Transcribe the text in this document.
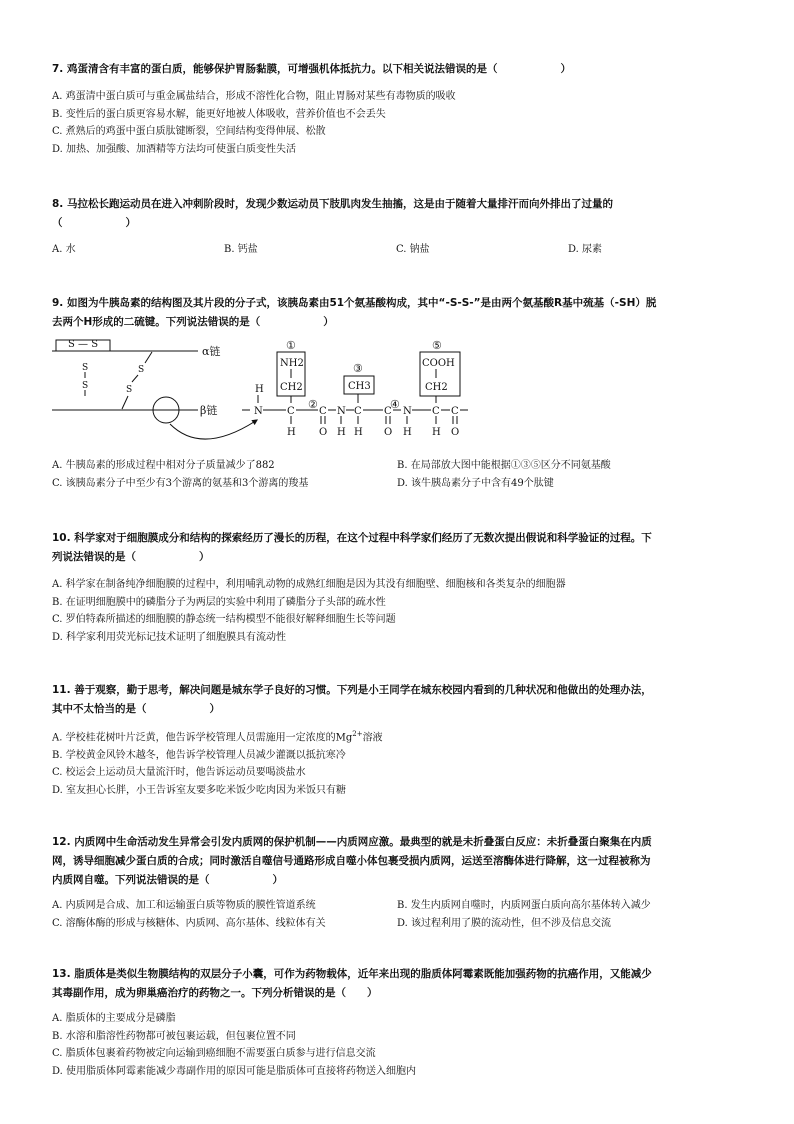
7. 鸡蛋清含有丰富的蛋白质，能够保护胃肠黏膜，可增强机体抵抗力。以下相关说法错误的是（　　　　　　）

A. 鸡蛋清中蛋白质可与重金属盐结合，形成不溶性化合物，阻止胃肠对某些有毒物质的吸收

B. 变性后的蛋白质更容易水解，能更好地被人体吸收，营养价值也不会丢失

C. 煮熟后的鸡蛋中蛋白质肽键断裂，空间结构变得伸展、松散

D. 加热、加强酸、加酒精等方法均可使蛋白质变性失活

8. 马拉松长跑运动员在进入冲刺阶段时，发现少数运动员下肢肌肉发生抽搐，这是由于随着大量排汗而向外排出了过量的

（　　　　　　）

A. 水	B. 钙盐	C. 钠盐	D. 尿素

9. 如图为牛胰岛素的结构图及其片段的分子式，该胰岛素由51个氨基酸构成，其中“-S-S-”是由两个氨基酸R基中巯基（-SH）脱

去两个H形成的二硫键。下列说法错误的是（　　　　　　）

α链
S — S
β链
S
S
S
S
①
NH2
CH2
②
③
CH3
④
⑤
COOH
CH2
H
N C
H
C
O
N
H
C
H
C
O
N
H
C
H
C
O

A. 牛胰岛素的形成过程中相对分子质量减少了882	B. 在局部放大图中能根据①③⑤区分不同氨基酸

C. 该胰岛素分子中至少有3个游离的氨基和3个游离的羧基	D. 该牛胰岛素分子中含有49个肽键

10. 科学家对于细胞膜成分和结构的探索经历了漫长的历程，在这个过程中科学家们经历了无数次提出假说和科学验证的过程。下

列说法错误的是（　　　　　　）

A. 科学家在制备纯净细胞膜的过程中，利用哺乳动物的成熟红细胞是因为其没有细胞壁、细胞核和各类复杂的细胞器

B. 在证明细胞膜中的磷脂分子为两层的实验中利用了磷脂分子头部的疏水性

C. 罗伯特森所描述的细胞膜的静态统一结构模型不能很好解释细胞生长等问题

D. 科学家利用荧光标记技术证明了细胞膜具有流动性

11. 善于观察，勤于思考，解决问题是城东学子良好的习惯。下列是小王同学在城东校园内看到的几种状况和他做出的处理办法，

其中不太恰当的是（　　　　　　）

A. 学校桂花树叶片泛黄，他告诉学校管理人员需施用一定浓度的$Mg^{2+}$溶液

B. 学校黄金风铃木越冬，他告诉学校管理人员减少灌溉以抵抗寒冷

C. 校运会上运动员大量流汗时，他告诉运动员要喝淡盐水

D. 室友担心长胖，小王告诉室友要多吃米饭少吃肉因为米饭只有糖

12. 内质网中生命活动发生异常会引发内质网的保护机制——内质网应激。最典型的就是未折叠蛋白反应：未折叠蛋白聚集在内质

网，诱导细胞减少蛋白质的合成；同时激活自噬信号通路形成自噬小体包裹受损内质网，运送至溶酶体进行降解，这一过程被称为

内质网自噬。下列说法错误的是（　　　　　　）

A. 内质网是合成、加工和运输蛋白质等物质的膜性管道系统	B. 发生内质网自噬时，内质网蛋白质向高尔基体转入减少

C. 溶酶体酶的形成与核糖体、内质网、高尔基体、线粒体有关	D. 该过程利用了膜的流动性，但不涉及信息交流

13. 脂质体是类似生物膜结构的双层分子小囊，可作为药物载体，近年来出现的脂质体阿霉素既能加强药物的抗癌作用，又能减少

其毒副作用，成为卵巢癌治疗的药物之一。下列分析错误的是（　　）

A. 脂质体的主要成分是磷脂

B. 水溶和脂溶性药物都可被包裹运载，但包裹位置不同

C. 脂质体包裹着药物被定向运输到癌细胞不需要蛋白质参与进行信息交流

D. 使用脂质体阿霉素能减少毒副作用的原因可能是脂质体可直接将药物送入细胞内
